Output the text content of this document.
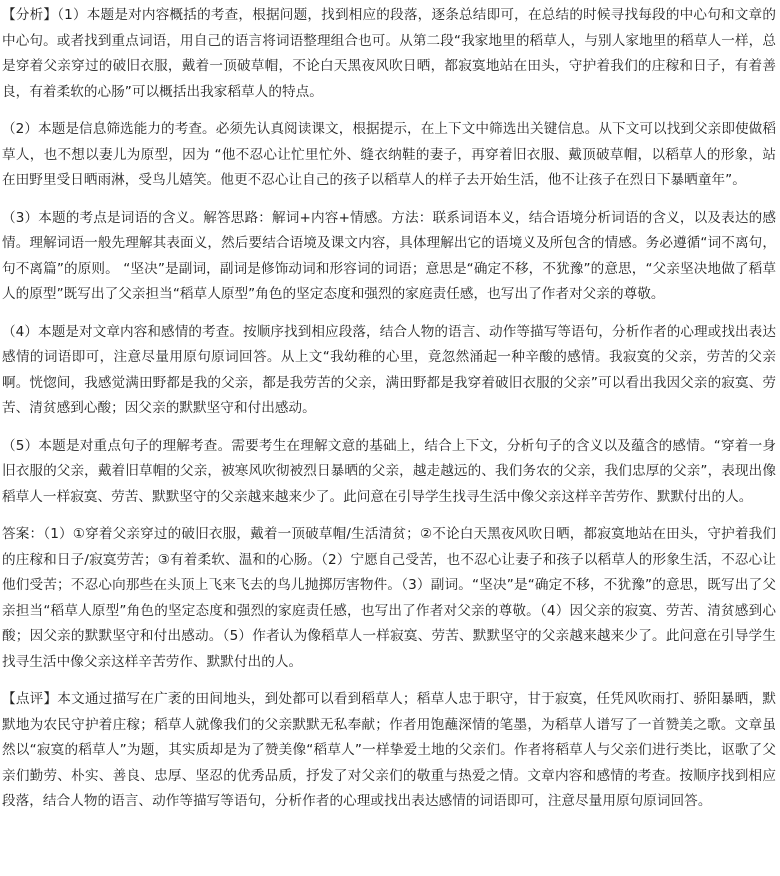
【分析】（1）本题是对内容概括的考查，根据问题，找到相应的段落，逐条总结即可，在总结的时候寻找每段的中心句和文章的中心句。或者找到重点词语，用自己的语言将词语整理组合也可。从第二段“我家地里的稻草人，与别人家地里的稻草人一样，总是穿着父亲穿过的破旧衣服，戴着一顶破草帽，不论白天黑夜风吹日晒，都寂寞地站在田头，守护着我们的庄稼和日子，有着善良，有着柔软的心肠”可以概括出我家稻草人的特点。

（2）本题是信息筛选能力的考查。必须先认真阅读课文，根据提示，在上下文中筛选出关键信息。从下文可以找到父亲即使做稻草人，也不想以妻儿为原型，因为 “他不忍心让忙里忙外、缝衣纳鞋的妻子，再穿着旧衣服、戴顶破草帽，以稻草人的形象，站在田野里受日晒雨淋，受鸟儿嬉笑。他更不忍心让自己的孩子以稻草人的样子去开始生活，他不让孩子在烈日下暴晒童年”。

（3）本题的考点是词语的含义。解答思路：解词+内容+情感。方法：联系词语本义，结合语境分析词语的含义，以及表达的感情。理解词语一般先理解其表面义，然后要结合语境及课文内容，具体理解出它的语境义及所包含的情感。务必遵循“词不离句，句不离篇”的原则。 “坚决”是副词，副词是修饰动词和形容词的词语；意思是“确定不移，不犹豫”的意思，“父亲坚决地做了稻草人的原型”既写出了父亲担当“稻草人原型”角色的坚定态度和强烈的家庭责任感，也写出了作者对父亲的尊敬。

（4）本题是对文章内容和感情的考查。按顺序找到相应段落，结合人物的语言、动作等描写等语句，分析作者的心理或找出表达感情的词语即可，注意尽量用原句原词回答。从上文“我幼稚的心里，竟忽然涌起一种辛酸的感情。我寂寞的父亲，劳苦的父亲啊。恍惚间，我感觉满田野都是我的父亲，都是我劳苦的父亲，满田野都是我穿着破旧衣服的父亲”可以看出我因父亲的寂寞、劳苦、清贫感到心酸；因父亲的默默坚守和付出感动。

（5）本题是对重点句子的理解考查。需要考生在理解文意的基础上，结合上下文，分析句子的含义以及蕴含的感情。“穿着一身旧衣服的父亲，戴着旧草帽的父亲，被寒风吹彻被烈日暴晒的父亲，越走越远的、我们务农的父亲，我们忠厚的父亲”，表现出像稻草人一样寂寞、劳苦、默默坚守的父亲越来越来少了。此问意在引导学生找寻生活中像父亲这样辛苦劳作、默默付出的人。

答案：（1）①穿着父亲穿过的破旧衣服，戴着一顶破草帽/生活清贫；②不论白天黑夜风吹日晒，都寂寞地站在田头，守护着我们的庄稼和日子/寂寞劳苦；③有着柔软、温和的心肠。（2）宁愿自己受苦，也不忍心让妻子和孩子以稻草人的形象生活，不忍心让他们受苦；不忍心向那些在头顶上飞来飞去的鸟儿抛掷厉害物件。（3）副词。“坚决”是“确定不移，不犹豫”的意思，既写出了父亲担当“稻草人原型”角色的坚定态度和强烈的家庭责任感，也写出了作者对父亲的尊敬。（4）因父亲的寂寞、劳苦、清贫感到心酸；因父亲的默默坚守和付出感动。（5）作者认为像稻草人一样寂寞、劳苦、默默坚守的父亲越来越来少了。此问意在引导学生找寻生活中像父亲这样辛苦劳作、默默付出的人。

【点评】本文通过描写在广袤的田间地头，到处都可以看到稻草人；稻草人忠于职守，甘于寂寞，任凭风吹雨打、骄阳暴晒，默默地为农民守护着庄稼；稻草人就像我们的父亲默默无私奉献；作者用饱蘸深情的笔墨，为稻草人谱写了一首赞美之歌。文章虽然以“寂寞的稻草人”为题，其实质却是为了赞美像“稻草人”一样挚爱土地的父亲们。作者将稻草人与父亲们进行类比，讴歌了父亲们勤劳、朴实、善良、忠厚、坚忍的优秀品质，抒发了对父亲们的敬重与热爱之情。文章内容和感情的考查。按顺序找到相应段落，结合人物的语言、动作等描写等语句，分析作者的心理或找出表达感情的词语即可，注意尽量用原句原词回答。
